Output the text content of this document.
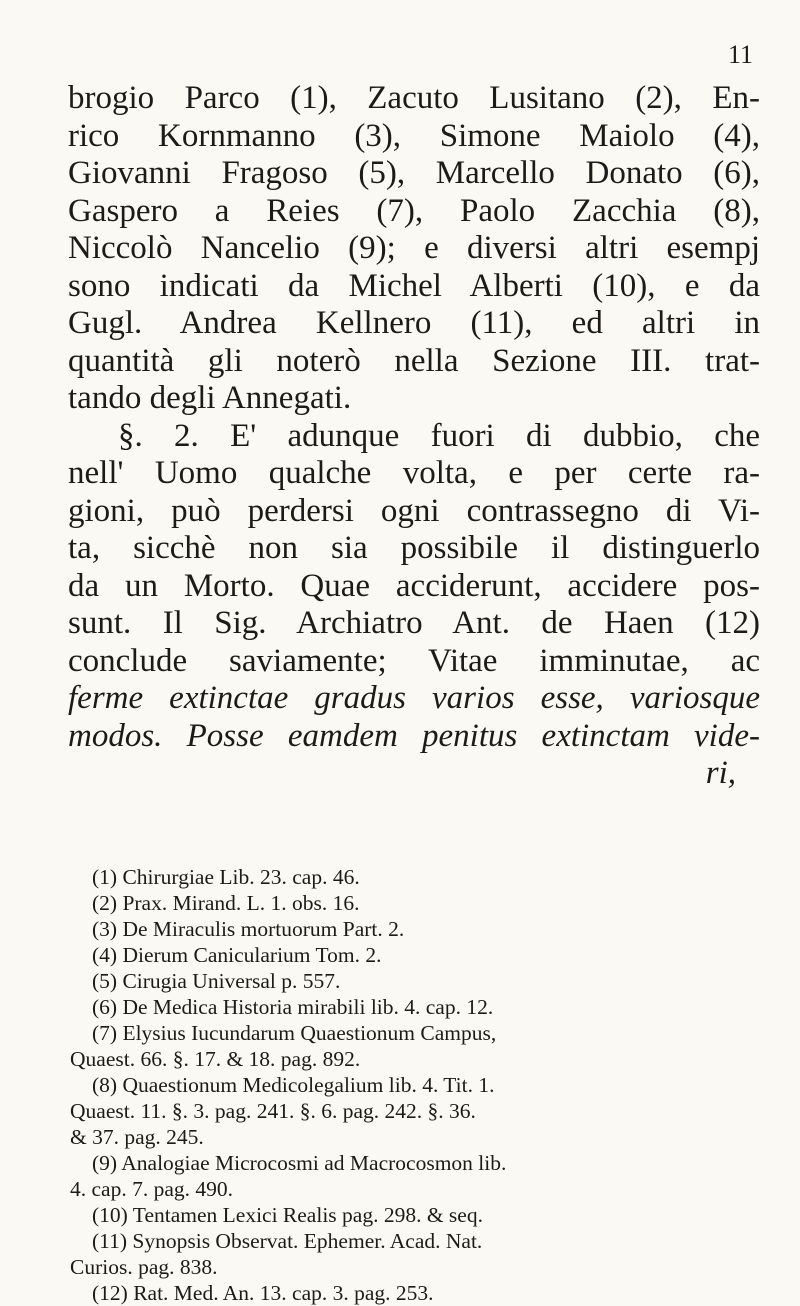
11
brogio Parco (1), Zacuto Lusitano (2), En-
rico Kornmanno (3), Simone Maiolo (4),
Giovanni Fragoso (5), Marcello Donato (6),
Gaspero a Reies (7), Paolo Zacchia (8),
Niccolò Nancelio (9); e diversi altri esempj
sono indicati da Michel Alberti (10), e da
Gugl. Andrea Kellnero (11), ed altri in
quantità gli noterò nella Sezione III. trat-
tando degli Annegati.
§. 2. E' adunque fuori di dubbio, che
nell' Uomo qualche volta, e per certe ra-
gioni, può perdersi ogni contrassegno di Vi-
ta, sicchè non sia possibile il distinguerlo
da un Morto. Quae acciderunt, accidere pos-
sunt. Il Sig. Archiatro Ant. de Haen (12)
conclude saviamente; Vitae imminutae, ac
ferme extinctae gradus varios esse, variosque
modos. Posse eamdem penitus extinctam vide-
ri,
(1) Chirurgiae Lib. 23. cap. 46.
(2) Prax. Mirand. L. 1. obs. 16.
(3) De Miraculis mortuorum Part. 2.
(4) Dierum Canicularium Tom. 2.
(5) Cirugia Universal p. 557.
(6) De Medica Historia mirabili lib. 4. cap. 12.
(7) Elysius Iucundarum Quaestionum Campus,
Quaest. 66. §. 17. & 18. pag. 892.
(8) Quaestionum Medicolegalium lib. 4. Tit. 1.
Quaest. 11. §. 3. pag. 241. §. 6. pag. 242. §. 36.
& 37. pag. 245.
(9) Analogiae Microcosmi ad Macrocosmon lib.
4. cap. 7. pag. 490.
(10) Tentamen Lexici Realis pag. 298. & seq.
(11) Synopsis Observat. Ephemer. Acad. Nat.
Curios. pag. 838.
(12) Rat. Med. An. 13. cap. 3. pag. 253.
